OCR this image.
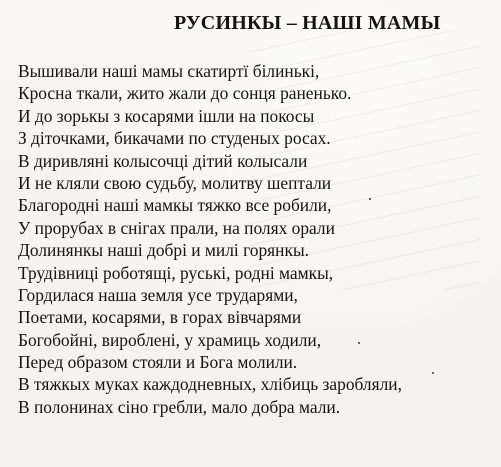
РУСИНКЫ – НАШІ МАМЫ
Вышивали наші мамы скатиртї білинькі,
Кросна ткали, жито жали до сонця раненько.
И до зорькы з косарями ішли на покосы
З діточками, бикачами по студеных росах.
В диривляні колысочці дітий колысали
И не кляли свою судьбу, молитву шептали
Благородні наші мамкы тяжко все робили,
У прорубах в снігах прали, на полях орали
Долинянкы наші добрі и милі горянкы.
Трудівниці роботящі, руські, родні мамкы,
Гордилася наша земля усе трударями,
Поетами, косарями, в горах вівчарями
Богобойні, вироблені, у храмиць ходили,
Перед образом стояли и Бога молили.
В тяжкых муках каждодневных, хлібиць заробляли,
В полонинах сіно гребли, мало добра мали.
